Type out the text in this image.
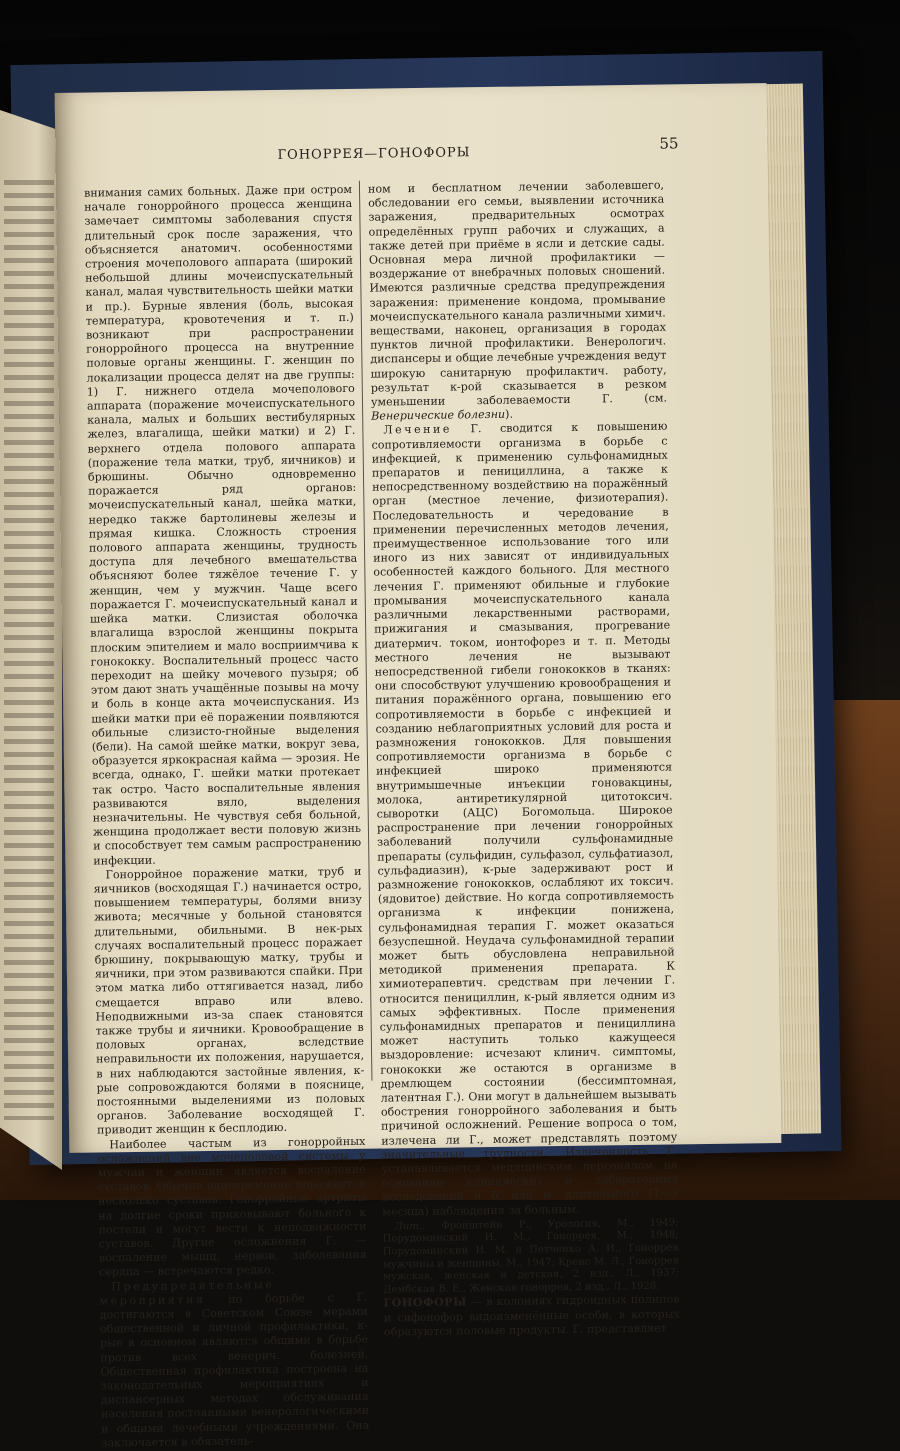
ГОНОРРЕЯ—ГОНОФОРЫ
55

внимания самих больных. Даже при остром начале гонорройного процесса женщина замечает симптомы заболевания спустя длительный срок после заражения, что объясняется анатомич. особенностями строения мочеполового аппарата (широкий небольшой длины мочеиспускательный канал, малая чувствительность шейки матки и пр.). Бурные явления (боль, высокая температура, кровотечения и т. п.) возникают при распространении гонорройного процесса на внутренние половые органы женщины. Г. женщин по локализации процесса делят на две группы: 1) Г. нижнего отдела мочеполового аппарата (поражение мочеиспускательного канала, малых и больших вестибулярных желез, влагалища, шейки матки) и 2) Г. верхнего отдела полового аппарата (поражение тела матки, труб, яичников) и брюшины. Обычно одновременно поражается ряд органов: мочеиспускательный канал, шейка матки, нередко также бартолиневы железы и прямая кишка. Сложность строения полового аппарата женщины, трудность доступа для лечебного вмешательства объясняют более тяжёлое течение Г. у женщин, чем у мужчин. Чаще всего поражается Г. мочеиспускательный канал и шейка матки. Слизистая оболочка влагалища взрослой женщины покрыта плоским эпителием и мало восприимчива к гонококку. Воспалительный процесс часто переходит на шейку мочевого пузыря; об этом дают знать учащённые позывы на мочу и боль в конце акта мочеиспускания. Из шейки матки при её поражении появляются обильные слизисто-гнойные выделения (бели). На самой шейке матки, вокруг зева, образуется яркокрасная кайма — эрозия. Не всегда, однако, Г. шейки матки протекает так остро. Часто воспалительные явления развиваются вяло, выделения незначительны. Не чувствуя себя больной, женщина продолжает вести половую жизнь и способствует тем самым распространению инфекции.

Гонорройное поражение матки, труб и яичников (восходящая Г.) начинается остро, повышением температуры, болями внизу живота; месячные у больной становятся длительными, обильными. В нек-рых случаях воспалительный процесс поражает брюшину, покрывающую матку, трубы и яичники, при этом развиваются спайки. При этом матка либо оттягивается назад, либо смещается вправо или влево. Неподвижными из-за спаек становятся также трубы и яичники. Кровообращение в половых органах, вследствие неправильности их положения, нарушается, в них наблюдаются застойные явления, к-рые сопровождаются болями в пояснице, постоянными выделениями из половых органов. Заболевание восходящей Г. приводит женщин к бесплодию.

Наиболее частым из гонорройных осложнений вне мочеполовой системы у мужчин и женщин является воспаление суставов. Обычно одновременно поражается несколько суставов. Гонорройные артриты на долгие сроки приковывают больного к постели и могут вести к неподвижности суставов. Другие осложнения Г. — воспаление мышц, нервов, заболевания сердца — встречаются редко.

Предупредительные мероприятия по борьбе с Г. достигаются в Советском Союзе мерами общественной и личной профилактики, к-рые в основном являются общими в борьбе против всех венерич. болезней. Общественная профилактика построена на законодательных мероприятиях и диспансерных методах обслуживания населения постоянными венерологическими и общими лечебными учреждениями. Она заключается в обязатель-

ном и бесплатном лечении заболевшего, обследовании его семьи, выявлении источника заражения, предварительных осмотрах определённых групп рабочих и служащих, а также детей при приёме в ясли и детские сады. Основная мера личной профилактики — воздержание от внебрачных половых сношений. Имеются различные средства предупреждения заражения: применение кондома, промывание мочеиспускательного канала различными химич. веществами, наконец, организация в городах пунктов личной профилактики. Венерологич. диспансеры и общие лечебные учреждения ведут широкую санитарную профилактич. работу, результат к-рой сказывается в резком уменьшении заболеваемости Г. (см. Венерические болезни).

Лечение Г. сводится к повышению сопротивляемости организма в борьбе с инфекцией, к применению сульфонамидных препаратов и пенициллина, а также к непосредственному воздействию на поражённый орган (местное лечение, физиотерапия). Последовательность и чередование в применении перечисленных методов лечения, преимущественное использование того или иного из них зависят от индивидуальных особенностей каждого больного. Для местного лечения Г. применяют обильные и глубокие промывания мочеиспускательного канала различными лекарственными растворами, прижигания и смазывания, прогревание диатермич. током, ионтофорез и т. п. Методы местного лечения не вызывают непосредственной гибели гонококков в тканях: они способствуют улучшению кровообращения и питания поражённого органа, повышению его сопротивляемости в борьбе с инфекцией и созданию неблагоприятных условий для роста и размножения гонококков. Для повышения сопротивляемости организма в борьбе с инфекцией широко применяются внутримышечные инъекции гоновакцины, молока, антиретикулярной цитотоксич. сыворотки (АЦС) Богомольца. Широкое распространение при лечении гонорройных заболеваний получили сульфонамидные препараты (сульфидин, сульфазол, сульфатиазол, сульфадиазин), к-рые задерживают рост и размножение гонококков, ослабляют их токсич. (ядовитое) действие. Но когда сопротивляемость организма к инфекции понижена, сульфонамидная терапия Г. может оказаться безуспешной. Неудача сульфонамидной терапии может быть обусловлена неправильной методикой применения препарата. К химиотерапевтич. средствам при лечении Г. относится пенициллин, к-рый является одним из самых эффективных. После применения сульфонамидных препаратов и пенициллина может наступить только кажущееся выздоровление: исчезают клинич. симптомы, гонококки же остаются в организме в дремлющем состоянии (бессимптомная, латентная Г.). Они могут в дальнейшем вызывать обострения гонорройного заболевания и быть причиной осложнений. Решение вопроса о том, излечена ли Г., может представлять поэтому значительные трудности. Излеченность Г. устанавливается медицинским персоналом на основании клинических и лабораторных исследований и б. или м. длительного (1—3 месяца) наблюдения за больным.

Лит.: Фронштейн Р., Урология, М., 1949; Порудоминский И. М., Гоноррея, М., 1948; Порудоминский И. М. и Петченко А. И., Гоноррея мужчины и женщины, М., 1947; Кренс М. Л., Гоноррея мужская, женская и детская, 2 изд., Л., 1937; Дембская В. Е., Женская гоноррея, 2 изд., Л., 1928.

ГОНОФОРЫ — в колониях гидроидных полипов и сифонофор видоизменённые особи, в которых образуются половые продукты. Г. представляет
